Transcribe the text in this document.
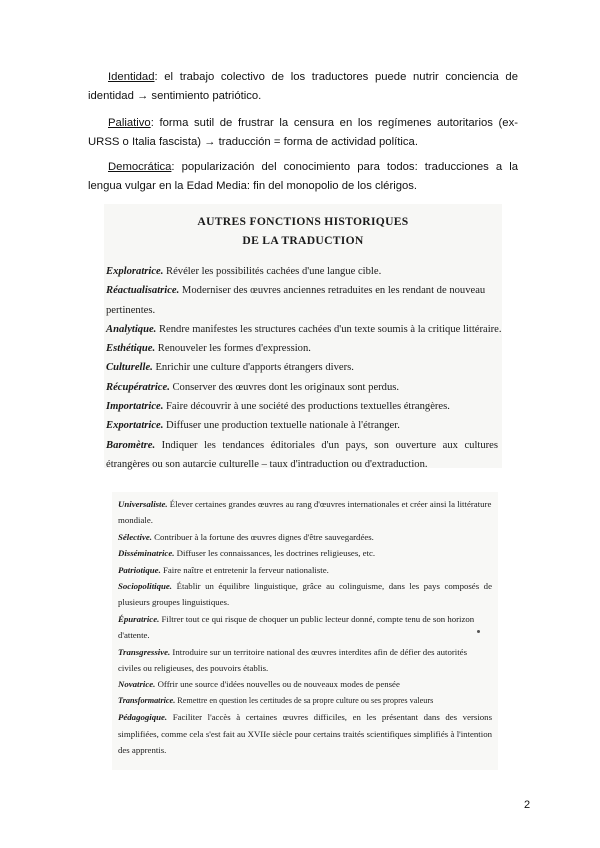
Identidad: el trabajo colectivo de los traductores puede nutrir conciencia de identidad → sentimiento patriótico.
Paliativo: forma sutil de frustrar la censura en los regímenes autoritarios (ex-URSS o Italia fascista) → traducción = forma de actividad política.
Democrática: popularización del conocimiento para todos: traducciones a la lengua vulgar en la Edad Media: fin del monopolio de los clérigos.
AUTRES FONCTIONS HISTORIQUES
DE LA TRADUCTION
Exploratrice. Révéler les possibilités cachées d'une langue cible.
Réactualisatrice. Moderniser des œuvres anciennes retraduites en les rendant de nouveau pertinentes.
Analytique. Rendre manifestes les structures cachées d'un texte soumis à la critique littéraire.
Esthétique. Renouveler les formes d'expression.
Culturelle. Enrichir une culture d'apports étrangers divers.
Récupératrice. Conserver des œuvres dont les originaux sont perdus.
Importatrice. Faire découvrir à une société des productions textuelles étrangères.
Exportatrice. Diffuser une production textuelle nationale à l'étranger.
Baromètre. Indiquer les tendances éditoriales d'un pays, son ouverture aux cultures étrangères ou son autarcie culturelle – taux d'intraduction ou d'extraduction.
Universaliste. Élever certaines grandes œuvres au rang d'œuvres internationales et créer ainsi la littérature mondiale.
Sélective. Contribuer à la fortune des œuvres dignes d'être sauvegardées.
Disséminatrice. Diffuser les connaissances, les doctrines religieuses, etc.
Patriotique. Faire naître et entretenir la ferveur nationaliste.
Sociopolitique. Établir un équilibre linguistique, grâce au colinguisme, dans les pays composés de plusieurs groupes linguistiques.
Épuratrice. Filtrer tout ce qui risque de choquer un public lecteur donné, compte tenu de son horizon d'attente.
Transgressive. Introduire sur un territoire national des œuvres interdites afin de défier des autorités civiles ou religieuses, des pouvoirs établis.
Novatrice. Offrir une source d'idées nouvelles ou de nouveaux modes de pensée
Transformatrice. Remettre en question les certitudes de sa propre culture ou ses propres valeurs
Pédagogique. Faciliter l'accès à certaines œuvres difficiles, en les présentant dans des versions simplifiées, comme cela s'est fait au XVIIe siècle pour certains traités scientifiques simplifiés à l'intention des apprentis.
2
